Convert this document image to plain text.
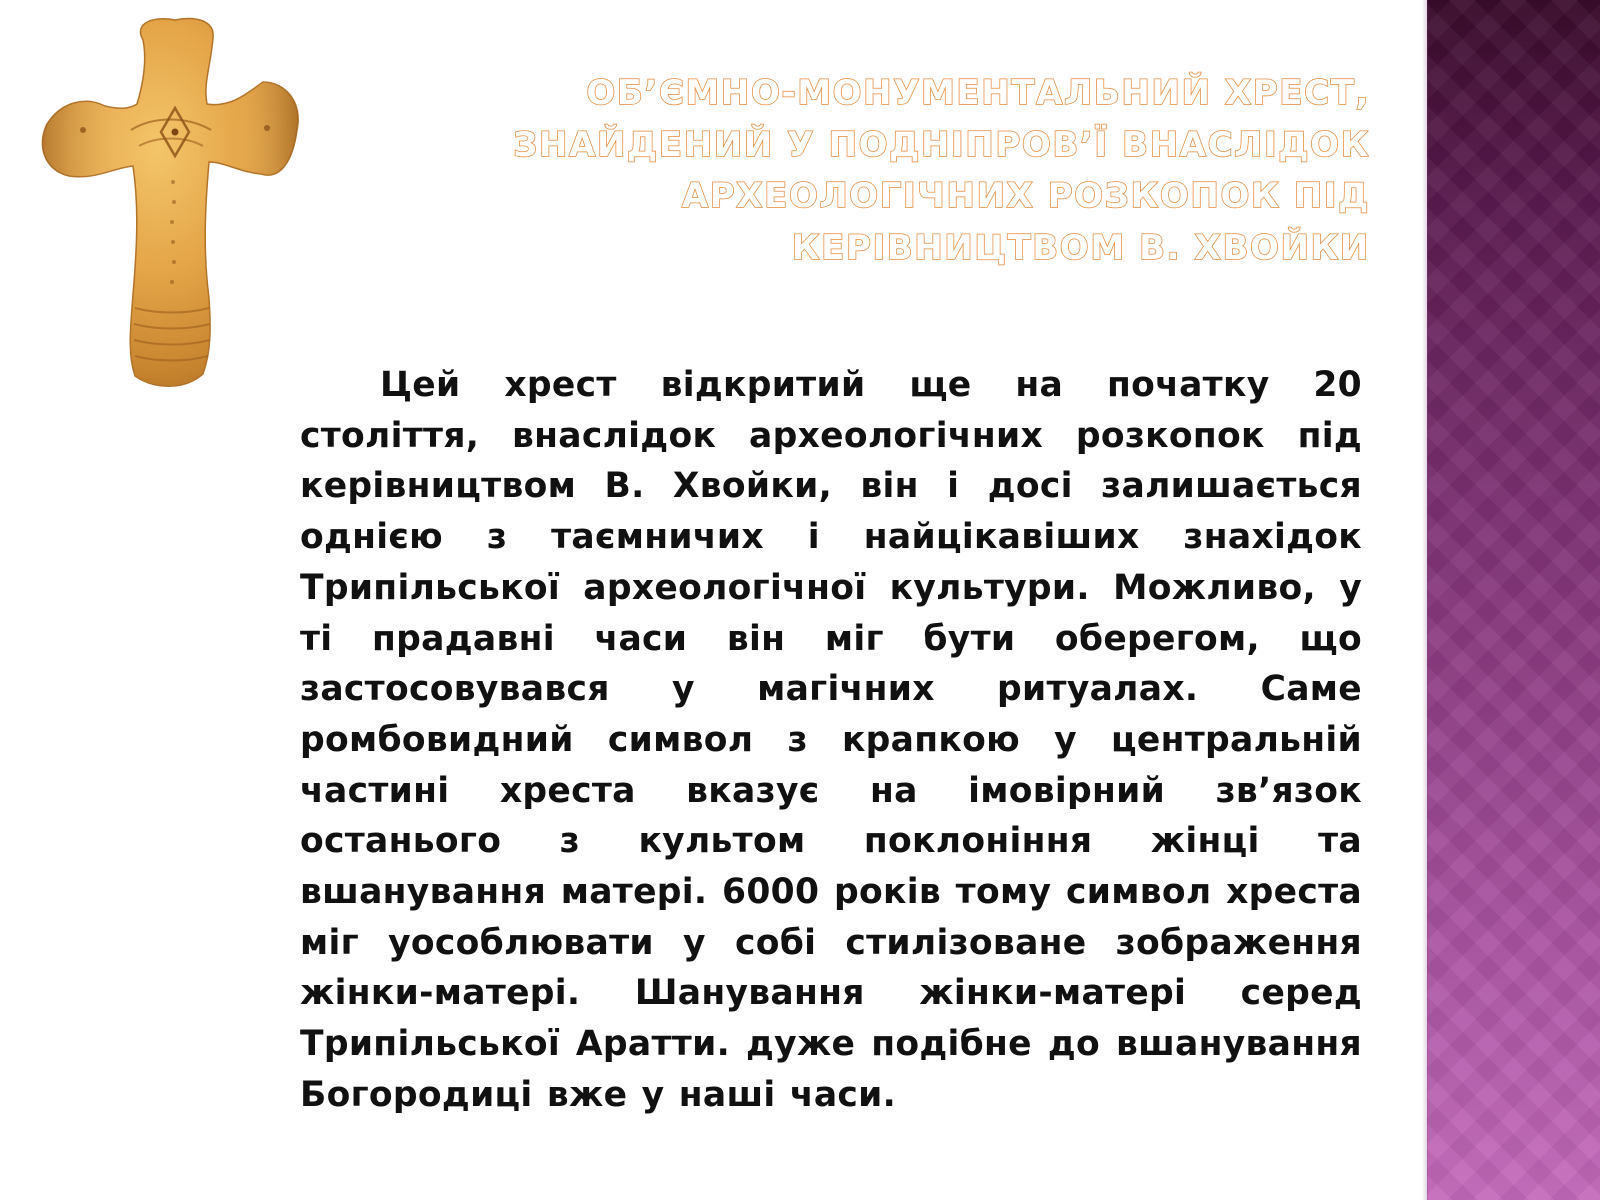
ОБ’ЄМНО-МОНУМЕНТАЛЬНИЙ ХРЕСТ, ЗНАЙДЕНИЙ У ПОДНІПРОВ’Ї ВНАСЛІДОК АРХЕОЛОГІЧНИХ РОЗКОПОК ПІД КЕРІВНИЦТВОМ В. ХВОЙКИ

Цей хрест відкритий ще на початку 20 століття, внаслідок археологічних розкопок під керівництвом В. Хвойки, він і досі залишається однією з таємничих і найцікавіших знахідок Трипільської археологічної культури. Можливо, у ті прадавні часи він міг бути оберегом, що застосовувався у магічних ритуалах. Саме ромбовидний символ з крапкою у центральній частині хреста вказує на імовірний зв’язок останього з культом поклоніння жінці та вшанування матері. 6000 років тому символ хреста міг уособлювати у собі стилізоване зображення жінки-матері. Шанування жінки-матері серед Трипільської Аратти. дуже подібне до вшанування Богородиці вже у наші часи.
